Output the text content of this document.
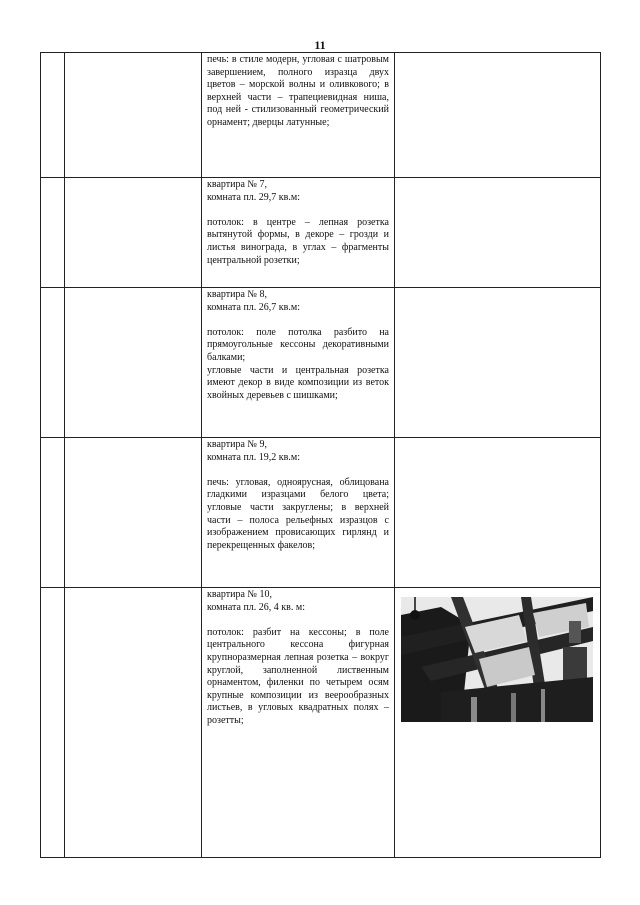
11

		печь: в стиле модерн, угловая с шатровым завершением, полного изразца двух цветов – морской волны и оливкового; в верхней части – трапециевидная ниша, под ней - стилизованный геометрический орнамент; дверцы латунные;	

		квартира № 7,

комната пл. 29,7 кв.м:

потолок: в центре – лепная розетка вытянутой формы, в декоре – грозди и листья винограда, в углах – фрагменты центральной розетки;	

		квартира № 8,

комната пл. 26,7 кв.м:

потолок: поле потолка разбито на прямоугольные кессоны декоративными балками;

угловые части и центральная розетка имеют декор в виде композиции из веток хвойных деревьев с шишками;	

		квартира № 9,

комната пл. 19,2 кв.м:

печь: угловая, одноярусная, облицована гладкими изразцами белого цвета; угловые части закруглены; в верхней части – полоса рельефных изразцов с изображением провисающих гирлянд и перекрещенных факелов;	

		квартира № 10,

комната пл. 26, 4 кв. м:

потолок: разбит на кессоны; в поле центрального кессона фигурная крупноразмерная лепная розетка – вокруг круглой, заполненной лиственным орнаментом, филенки по четырем осям крупные композиции из веерообразных листьев, в угловых квадратных полях – розетты;
